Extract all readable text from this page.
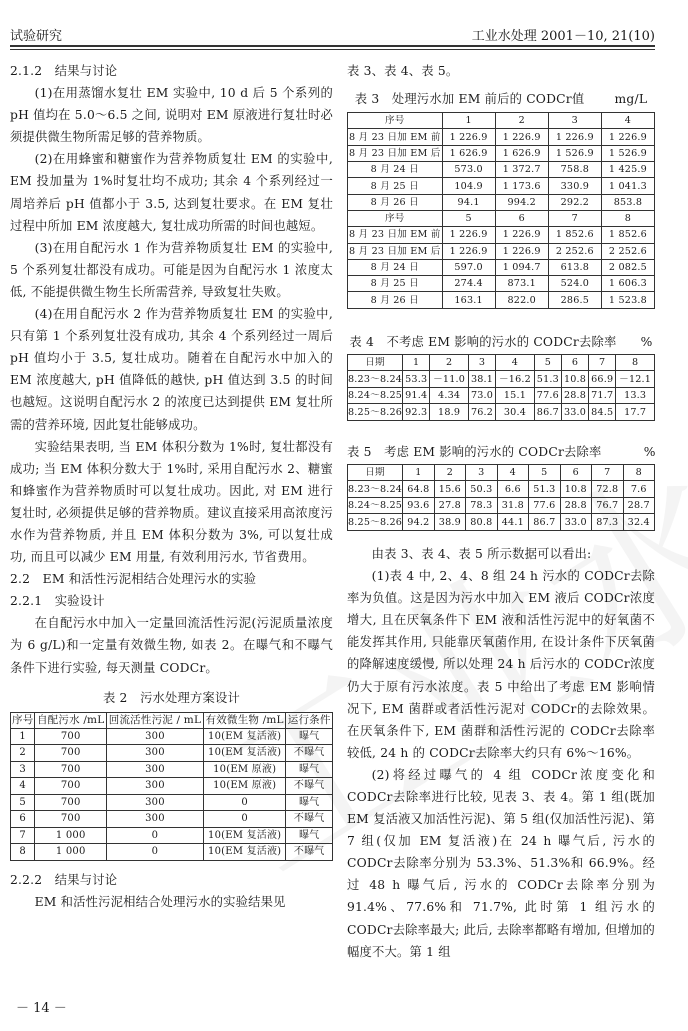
试验研究	工业水处理 2001－10, 21(10)

2.1.2　结果与讨论

(1)在用蒸馏水复壮 EM 实验中, 10 d 后 5 个系列的 pH 值均在 5.0～6.5 之间, 说明对 EM 原液进行复壮时必须提供微生物所需足够的营养物质。

(2)在用蜂蜜和糖蜜作为营养物质复壮 EM 的实验中, EM 投加量为 1%时复壮均不成功; 其余 4 个系列经过一周培养后 pH 值都小于 3.5, 达到复壮要求。在 EM 复壮过程中所加 EM 浓度越大, 复壮成功所需的时间也越短。

(3)在用自配污水 1 作为营养物质复壮 EM 的实验中, 5 个系列复壮都没有成功。可能是因为自配污水 1 浓度太低, 不能提供微生物生长所需营养, 导致复壮失败。

(4)在用自配污水 2 作为营养物质复壮 EM 的实验中, 只有第 1 个系列复壮没有成功, 其余 4 个系列经过一周后 pH 值均小于 3.5, 复壮成功。随着在自配污水中加入的 EM 浓度越大, pH 值降低的越快, pH 值达到 3.5 的时间也越短。这说明自配污水 2 的浓度已达到提供 EM 复壮所需的营养环境, 因此复壮能够成功。

实验结果表明, 当 EM 体积分数为 1%时, 复壮都没有成功; 当 EM 体积分数大于 1%时, 采用自配污水 2、糖蜜和蜂蜜作为营养物质时可以复壮成功。因此, 对 EM 进行复壮时, 必须提供足够的营养物质。建议直接采用高浓度污水作为营养物质, 并且 EM 体积分数为 3%, 可以复壮成功, 而且可以减少 EM 用量, 有效利用污水, 节省费用。

2.2　EM 和活性污泥相结合处理污水的实验

2.2.1　实验设计

在自配污水中加入一定量回流活性污泥(污泥质量浓度为 6 g/L)和一定量有效微生物, 如表 2。在曝气和不曝气条件下进行实验, 每天测量 CODCr。

表 2　污水处理方案设计

序号	自配污水 /mL	回流活性污泥 / mL	有效微生物 /mL	运行条件
1	700	300	10(EM 复活液)	曝气
2	700	300	10(EM 复活液)	不曝气
3	700	300	10(EM 原液)	曝气
4	700	300	10(EM 原液)	不曝气
5	700	300	0	曝气
6	700	300	0	不曝气
7	1 000	0	10(EM 复活液)	曝气
8	1 000	0	10(EM 复活液)	不曝气

2.2.2　结果与讨论

EM 和活性污泥相结合处理污水的实验结果见

表 3、表 4、表 5。

表 3　处理污水加 EM 前后的 CODCr值 mg/L

序号	1	2	3	4
8 月 23 日加 EM 前	1 226.9	1 226.9	1 226.9	1 226.9
8 月 23 日加 EM 后	1 626.9	1 626.9	1 526.9	1 526.9
8 月 24 日	573.0	1 372.7	758.8	1 425.9
8 月 25 日	104.9	1 173.6	330.9	1 041.3
8 月 26 日	94.1	994.2	292.2	853.8
序号	5	6	7	8
8 月 23 日加 EM 前	1 226.9	1 226.9	1 852.6	1 852.6
8 月 23 日加 EM 后	1 226.9	1 226.9	2 252.6	2 252.6
8 月 24 日	597.0	1 094.7	613.8	2 082.5
8 月 25 日	274.4	873.1	524.0	1 606.3
8 月 26 日	163.1	822.0	286.5	1 523.8

表 4　不考虑 EM 影响的污水的 CODCr去除率 %

日期	1	2	3	4	5	6	7	8
8.23～8.24	53.3	－11.0	38.1	－16.2	51.3	10.8	66.9	－12.1
8.24～8.25	91.4	4.34	73.0	15.1	77.6	28.8	71.7	13.3
8.25～8.26	92.3	18.9	76.2	30.4	86.7	33.0	84.5	17.7

表 5　考虑 EM 影响的污水的 CODCr去除率	%

日期	1	2	3	4	5	6	7	8
8.23～8.24	64.8	15.6	50.3	6.6	51.3	10.8	72.8	7.6
8.24～8.25	93.6	27.8	78.3	31.8	77.6	28.8	76.7	28.7
8.25～8.26	94.2	38.9	80.8	44.1	86.7	33.0	87.3	32.4

由表 3、表 4、表 5 所示数据可以看出:

(1)表 4 中, 2、4、8 组 24 h 污水的 CODCr去除率为负值。这是因为污水中加入 EM 液后 CODCr浓度增大, 且在厌氧条件下 EM 液和活性污泥中的好氧菌不能发挥其作用, 只能靠厌氧菌作用, 在设计条件下厌氧菌的降解速度缓慢, 所以处理 24 h 后污水的 CODCr浓度仍大于原有污水浓度。表 5 中给出了考虑 EM 影响情况下, EM 菌群或者活性污泥对 CODCr的去除效果。在厌氧条件下, EM 菌群和活性污泥的 CODCr去除率较低, 24 h 的 CODCr去除率大约只有 6%～16%。

(2)将经过曝气的 4 组 CODCr浓度变化和 CODCr去除率进行比较, 见表 3、表 4。第 1 组(既加 EM 复活液又加活性污泥)、第 5 组(仅加活性污泥)、第 7 组(仅加 EM 复活液)在 24 h 曝气后, 污水的 CODCr去除率分别为 53.3%、51.3%和 66.9%。经过 48 h 曝气后, 污水的 CODCr去除率分别为91.4%、77.6%和 71.7%, 此时第 1 组污水的 CODCr去除率最大; 此后, 去除率都略有增加, 但增加的幅度不大。第 1 组

－ 14 －
